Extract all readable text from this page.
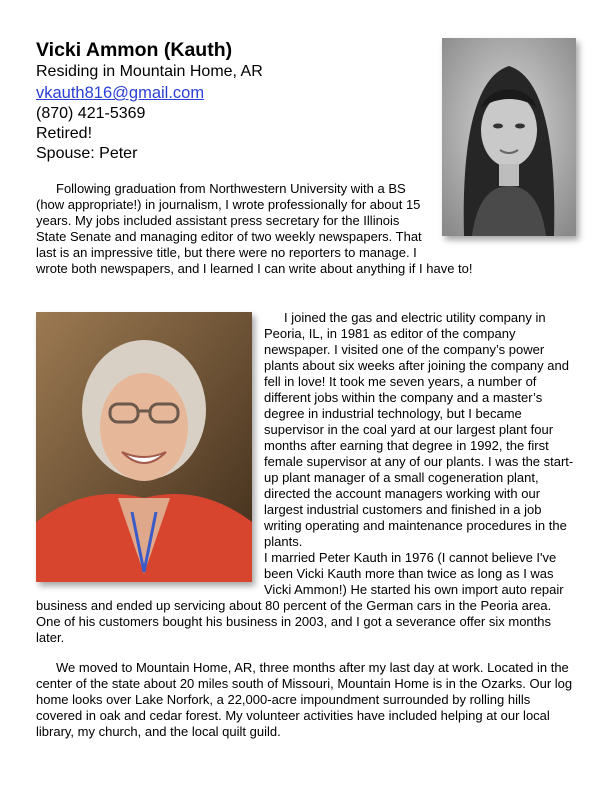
Vicki Ammon (Kauth)

Residing in Mountain Home, AR

vkauth816@gmail.com

(870) 421-5369

Retired!

Spouse: Peter

Following graduation from Northwestern University with a BS (how appropriate!) in journalism, I wrote professionally for about 15 years. My jobs included assistant press secretary for the Illinois State Senate and managing editor of two weekly newspapers. That last is an impressive title, but there were no reporters to manage. I wrote both newspapers, and I learned I can write about anything if I have to!

I joined the gas and electric utility company in Peoria, IL, in 1981 as editor of the company newspaper. I visited one of the company’s power plants about six weeks after joining the company and fell in love! It took me seven years, a number of different jobs within the company and a master’s degree in industrial technology, but I became supervisor in the coal yard at our largest plant four months after earning that degree in 1992, the first female supervisor at any of our plants. I was the start-up plant manager of a small cogeneration plant, directed the account managers working with our largest industrial customers and finished in a job writing operating and maintenance procedures in the plants.

I married Peter Kauth in 1976 (I cannot believe I've been Vicki Kauth more than twice as long as I was Vicki Ammon!) He started his own import auto repair business and ended up servicing about 80 percent of the German cars in the Peoria area. One of his customers bought his business in 2003, and I got a severance offer six months later.

We moved to Mountain Home, AR, three months after my last day at work. Located in the center of the state about 20 miles south of Missouri, Mountain Home is in the Ozarks. Our log home looks over Lake Norfork, a 22,000-acre impoundment surrounded by rolling hills covered in oak and cedar forest. My volunteer activities have included helping at our local library, my church, and the local quilt guild.
